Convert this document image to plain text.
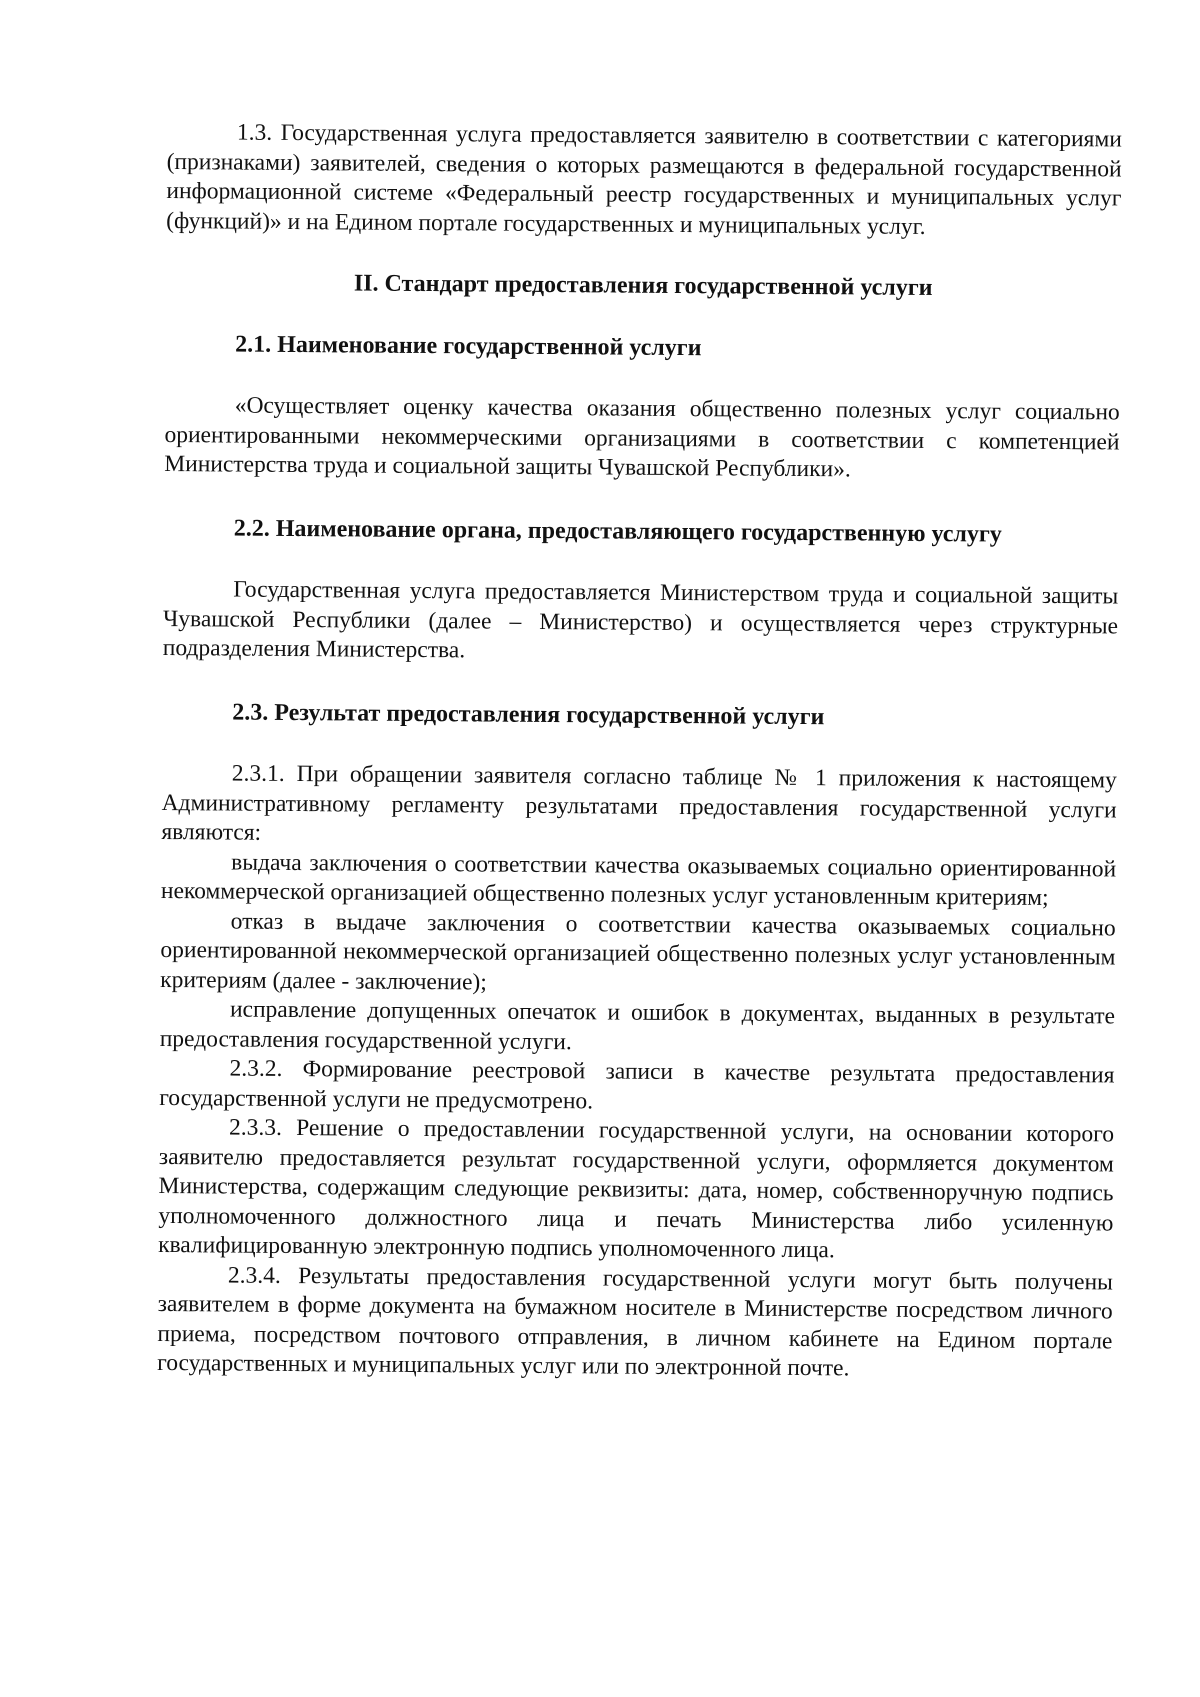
1.3. Государственная услуга предоставляется заявителю в соответствии с категориями (признаками) заявителей, сведения о которых размещаются в федеральной государственной информационной системе «Федеральный реестр государственных и муниципальных услуг (функций)» и на Едином портале государственных и муниципальных услуг.

II. Стандарт предоставления государственной услуги

2.1. Наименование государственной услуги

«Осуществляет оценку качества оказания общественно полезных услуг социально ориентированными некоммерческими организациями в соответствии с компетенцией Министерства труда и социальной защиты Чувашской Республики».

2.2. Наименование органа, предоставляющего государственную услугу

Государственная услуга предоставляется Министерством труда и социальной защиты Чувашской Республики (далее – Министерство) и осуществляется через структурные подразделения Министерства.

2.3. Результат предоставления государственной услуги

2.3.1. При обращении заявителя согласно таблице № 1 приложения к настоящему Административному регламенту результатами предоставления государственной услуги являются:

выдача заключения о соответствии качества оказываемых социально ориентированной некоммерческой организацией общественно полезных услуг установленным критериям;

отказ в выдаче заключения о соответствии качества оказываемых социально ориентированной некоммерческой организацией общественно полезных услуг установленным критериям (далее - заключение);

исправление допущенных опечаток и ошибок в документах, выданных в результате предоставления государственной услуги.

2.3.2. Формирование реестровой записи в качестве результата предоставления государственной услуги не предусмотрено.

2.3.3. Решение о предоставлении государственной услуги, на основании которого заявителю предоставляется результат государственной услуги, оформляется документом Министерства, содержащим следующие реквизиты: дата, номер, собственноручную подпись уполномоченного должностного лица и печать Министерства либо усиленную квалифицированную электронную подпись уполномоченного лица.

2.3.4. Результаты предоставления государственной услуги могут быть получены заявителем в форме документа на бумажном носителе в Министерстве посредством личного приема, посредством почтового отправления, в личном кабинете на Едином портале государственных и муниципальных услуг или по электронной почте.
